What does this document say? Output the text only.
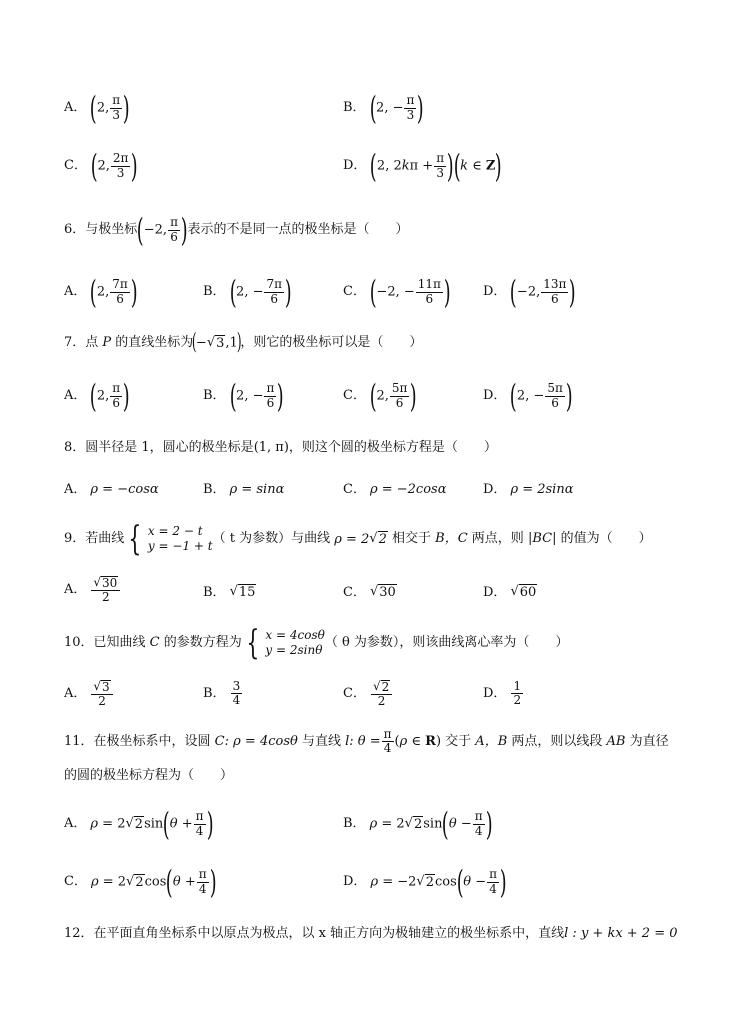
A． (2, $\frac{\pi}{3}$ )	B． (2, − $\frac{\pi}{3}$ )
C． (2, $\frac{2\pi}{3}$ )	D． (2, $2k\pi + \frac{\pi}{3} )(k$ ∈ Z)
6．与极坐标 (−2, $\frac{\pi}{6}$ ) 表示的不是同一点的极坐标是（ ）
A． (2, $\frac{7\pi}{6}$ )	B． (2, − $\frac{7\pi}{6}$ )	C． (−2, − $\frac{11\pi}{6}$ ) D． (−2, $\frac{13\pi}{6}$ )
7．点 P 的直线坐标为
(−√ 3 ,1)
，则它的极坐标可以是（ ）
A． (2, $\frac{\pi}{6}$ )	B． (2, − $\frac{\pi}{6}$ )	C． (2, $\frac{5\pi}{6}$ )	D． (2, − $\frac{5\pi}{6}$ )
8．圆半径是 1，圆心的极坐标是 (1, π) ，则这个圆的极坐标方程是（ ）
A． ρ = −cosα	B． ρ = sinα	C． ρ = −2cosα	D． ρ = 2sinα
9．若曲线 { x = 2 − t
y = −1 + t （ t 为参数）与曲线 ρ = 2√ 2
相交于 B，C 两点，则 |BC| 的值为（ ）
A． $\frac{√ 30}{2}$	B． √ 15	C． √ 30	D． √ 60
10．已知曲线 C 的参数方程为 { x = 4cosθ
y = 2sinθ （ θ 为参数），则该曲线离心率为（ ）
A． $\frac{√ 3}{2}$	B． $\frac{3}{4}$	C． $\frac{√ 2}{2}$	D． $\frac{1}{2}$
11．在极坐标系中，设圆 C: ρ = 4cosθ 与直线 l: $\theta = \frac{\pi}{4} (\rho$ ∈ R) 交于 A，B 两点，则以线段 AB 为直径
的圆的极坐标方程为（ ）
A． ρ = 2√ 2 $\sin(\theta + \frac{\pi}{4}$ )	B． ρ = 2√ 2 $\sin(\theta - \frac{\pi}{4}$ )
C． ρ = 2√ 2 $\cos(\theta + \frac{\pi}{4}$ )	D． ρ = −2√ 2 $\cos(\theta - \frac{\pi}{4}$ )
12．在平面直角坐标系中以原点为极点，以 x 轴正方向为极轴建立的极坐标系中，直线 l : y + kx + 2 = 0
